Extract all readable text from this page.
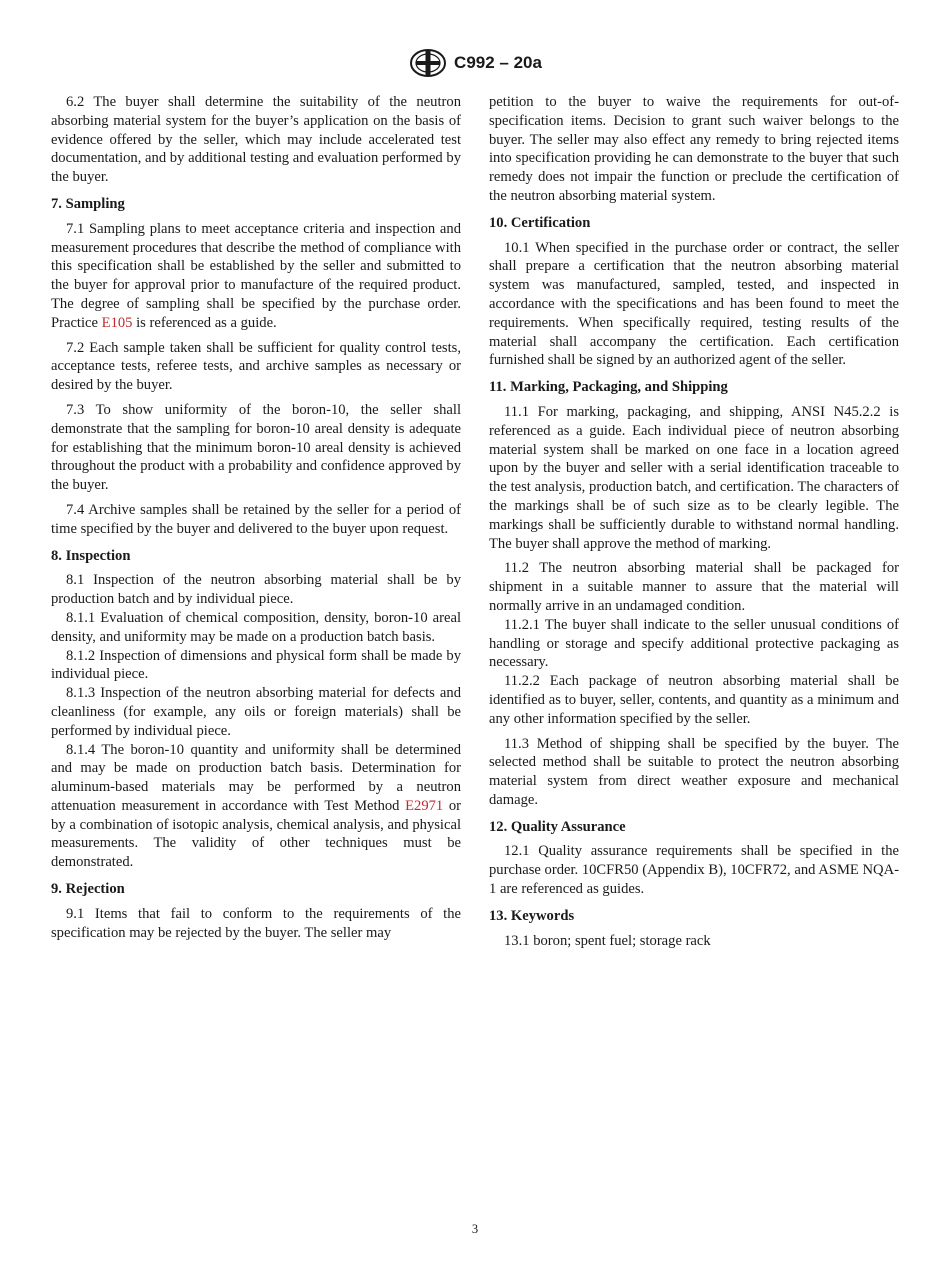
C992 – 20a

6.2 The buyer shall determine the suitability of the neutron absorbing material system for the buyer’s application on the basis of evidence offered by the seller, which may include accelerated test documentation, and by additional testing and evaluation performed by the buyer.

7. Sampling

7.1 Sampling plans to meet acceptance criteria and inspection and measurement procedures that describe the method of compliance with this specification shall be established by the seller and submitted to the buyer for approval prior to manufacture of the required product. The degree of sampling shall be specified by the purchase order. Practice E105 is referenced as a guide.

7.2 Each sample taken shall be sufficient for quality control tests, acceptance tests, referee tests, and archive samples as necessary or desired by the buyer.

7.3 To show uniformity of the boron-10, the seller shall demonstrate that the sampling for boron-10 areal density is adequate for establishing that the minimum boron-10 areal density is achieved throughout the product with a probability and confidence approved by the buyer.

7.4 Archive samples shall be retained by the seller for a period of time specified by the buyer and delivered to the buyer upon request.

8. Inspection

8.1 Inspection of the neutron absorbing material shall be by production batch and by individual piece.

8.1.1 Evaluation of chemical composition, density, boron-10 areal density, and uniformity may be made on a production batch basis.

8.1.2 Inspection of dimensions and physical form shall be made by individual piece.

8.1.3 Inspection of the neutron absorbing material for defects and cleanliness (for example, any oils or foreign materials) shall be performed by individual piece.

8.1.4 The boron-10 quantity and uniformity shall be determined and may be made on production batch basis. Determination for aluminum-based materials may be performed by a neutron attenuation measurement in accordance with Test Method E2971 or by a combination of isotopic analysis, chemical analysis, and physical measurements. The validity of other techniques must be demonstrated.

9. Rejection

9.1 Items that fail to conform to the requirements of the specification may be rejected by the buyer. The seller may

petition to the buyer to waive the requirements for out-of-specification items. Decision to grant such waiver belongs to the buyer. The seller may also effect any remedy to bring rejected items into specification providing he can demonstrate to the buyer that such remedy does not impair the function or preclude the certification of the neutron absorbing material system.

10. Certification

10.1 When specified in the purchase order or contract, the seller shall prepare a certification that the neutron absorbing material system was manufactured, sampled, tested, and inspected in accordance with the specifications and has been found to meet the requirements. When specifically required, testing results of the material shall accompany the certification. Each certification furnished shall be signed by an authorized agent of the seller.

11. Marking, Packaging, and Shipping

11.1 For marking, packaging, and shipping, ANSI N45.2.2 is referenced as a guide. Each individual piece of neutron absorbing material system shall be marked on one face in a location agreed upon by the buyer and seller with a serial identification traceable to the test analysis, production batch, and certification. The characters of the markings shall be of such size as to be clearly legible. The markings shall be sufficiently durable to withstand normal handling. The buyer shall approve the method of marking.

11.2 The neutron absorbing material shall be packaged for shipment in a suitable manner to assure that the material will normally arrive in an undamaged condition.

11.2.1 The buyer shall indicate to the seller unusual conditions of handling or storage and specify additional protective packaging as necessary.

11.2.2 Each package of neutron absorbing material shall be identified as to buyer, seller, contents, and quantity as a minimum and any other information specified by the seller.

11.3 Method of shipping shall be specified by the buyer. The selected method shall be suitable to protect the neutron absorbing material system from direct weather exposure and mechanical damage.

12. Quality Assurance

12.1 Quality assurance requirements shall be specified in the purchase order. 10CFR50 (Appendix B), 10CFR72, and ASME NQA-1 are referenced as guides.

13. Keywords

13.1 boron; spent fuel; storage rack

3
